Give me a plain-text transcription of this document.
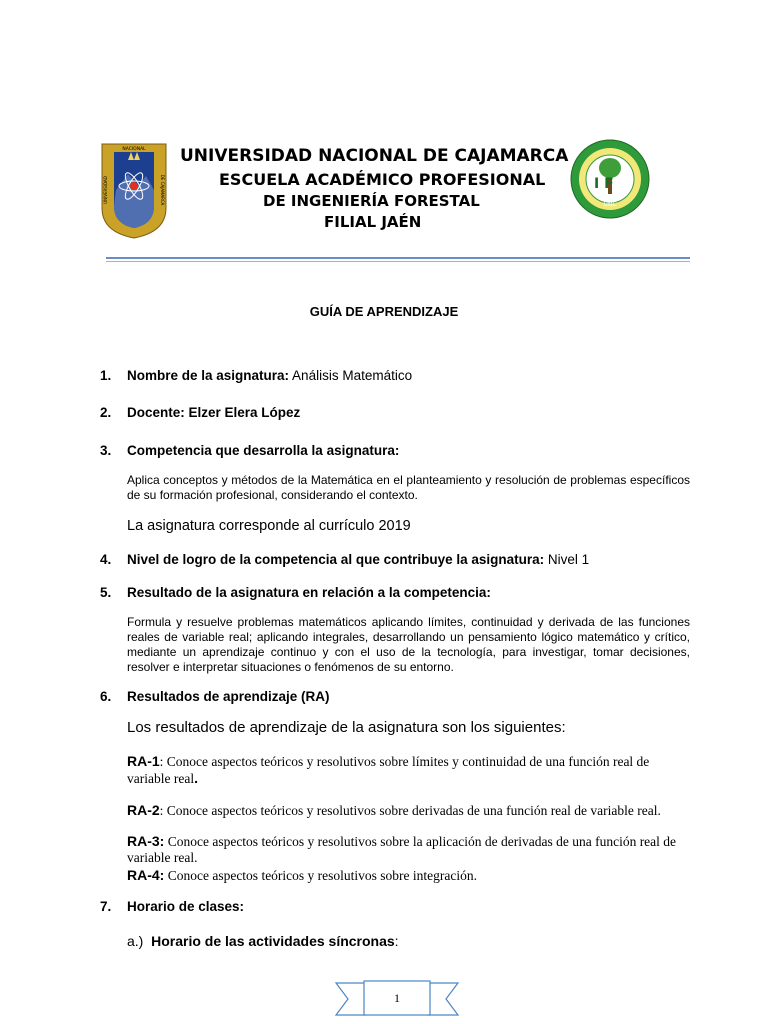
NACIONAL
UNIVERSIDAD	DE CAJAMARCA
UNIVERSIDAD NACIONAL DE CAJAMARCA
ESCUELA ACADÉMICO PROFESIONAL
DE INGENIERÍA FORESTAL
FILIAL JAÉN
I F
UNC
GUÍA DE APRENDIZAJE
1. Nombre de la asignatura: Análisis Matemático
2. Docente: Elzer Elera López
3. Competencia que desarrolla la asignatura:
Aplica conceptos y métodos de la Matemática en el planteamiento y resolución de problemas específicos de su formación profesional, considerando el contexto.
La asignatura corresponde al currículo 2019
4. Nivel de logro de la competencia al que contribuye la asignatura: Nivel 1
5. Resultado de la asignatura en relación a la competencia:
Formula y resuelve problemas matemáticos aplicando límites, continuidad y derivada de las funciones reales de variable real; aplicando integrales, desarrollando un pensamiento lógico matemático y crítico, mediante un aprendizaje continuo y con el uso de la tecnología, para investigar, tomar decisiones, resolver e interpretar situaciones o fenómenos de su entorno.
6. Resultados de aprendizaje (RA)
Los resultados de aprendizaje de la asignatura son los siguientes:
RA-1: Conoce aspectos teóricos y resolutivos sobre límites y continuidad de una función real de variable real.
RA-2: Conoce aspectos teóricos y resolutivos sobre derivadas de una función real de variable real.
RA-3: Conoce aspectos teóricos y resolutivos sobre la aplicación de derivadas de una función real de variable real.
RA-4: Conoce aspectos teóricos y resolutivos sobre integración.
7. Horario de clases:
a.) Horario de las actividades síncronas:
1
